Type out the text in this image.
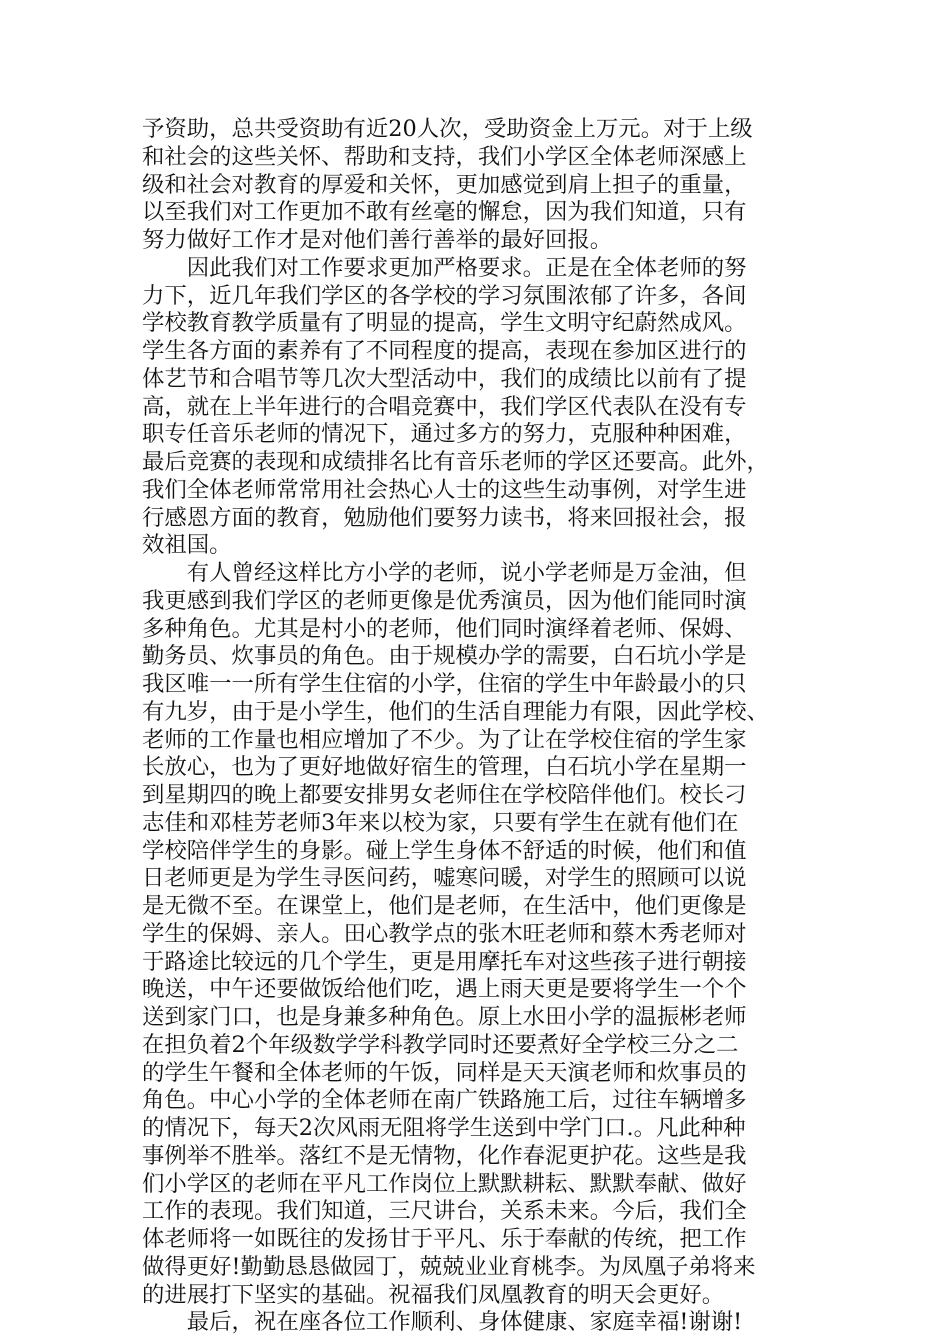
予资助，总共受资助有近20人次，受助资金上万元。对于上级
和社会的这些关怀、帮助和支持，我们小学区全体老师深感上
级和社会对教育的厚爱和关怀，更加感觉到肩上担子的重量，
以至我们对工作更加不敢有丝毫的懈怠，因为我们知道，只有
努力做好工作才是对他们善行善举的最好回报。
　　因此我们对工作要求更加严格要求。正是在全体老师的努
力下，近几年我们学区的各学校的学习氛围浓郁了许多，各间
学校教育教学质量有了明显的提高，学生文明守纪蔚然成风。
学生各方面的素养有了不同程度的提高，表现在参加区进行的
体艺节和合唱节等几次大型活动中，我们的成绩比以前有了提
高，就在上半年进行的合唱竞赛中，我们学区代表队在没有专
职专任音乐老师的情况下，通过多方的努力，克服种种困难，
最后竞赛的表现和成绩排名比有音乐老师的学区还要高。此外，
我们全体老师常常用社会热心人士的这些生动事例，对学生进
行感恩方面的教育，勉励他们要努力读书，将来回报社会，报
效祖国。
　　有人曾经这样比方小学的老师，说小学老师是万金油，但
我更感到我们学区的老师更像是优秀演员，因为他们能同时演
多种角色。尤其是村小的老师，他们同时演绎着老师、保姆、
勤务员、炊事员的角色。由于规模办学的需要，白石坑小学是
我区唯一一所有学生住宿的小学，住宿的学生中年龄最小的只
有九岁，由于是小学生，他们的生活自理能力有限，因此学校、
老师的工作量也相应增加了不少。为了让在学校住宿的学生家
长放心，也为了更好地做好宿生的管理，白石坑小学在星期一
到星期四的晚上都要安排男女老师住在学校陪伴他们。校长刁
志佳和邓桂芳老师3年来以校为家，只要有学生在就有他们在
学校陪伴学生的身影。碰上学生身体不舒适的时候，他们和值
日老师更是为学生寻医问药，嘘寒问暖，对学生的照顾可以说
是无微不至。在课堂上，他们是老师，在生活中，他们更像是
学生的保姆、亲人。田心教学点的张木旺老师和蔡木秀老师对
于路途比较远的几个学生，更是用摩托车对这些孩子进行朝接
晚送，中午还要做饭给他们吃，遇上雨天更是要将学生一个个
送到家门口，也是身兼多种角色。原上水田小学的温振彬老师
在担负着2个年级数学学科教学同时还要煮好全学校三分之二
的学生午餐和全体老师的午饭，同样是天天演老师和炊事员的
角色。中心小学的全体老师在南广铁路施工后，过往车辆增多
的情况下，每天2次风雨无阻将学生送到中学门口.。凡此种种
事例举不胜举。落红不是无情物，化作春泥更护花。这些是我
们小学区的老师在平凡工作岗位上默默耕耘、默默奉献、做好
工作的表现。我们知道，三尺讲台，关系未来。今后，我们全
体老师将一如既往的发扬甘于平凡、乐于奉献的传统，把工作
做得更好!勤勤恳恳做园丁，兢兢业业育桃李。为凤凰子弟将来
的进展打下坚实的基础。祝福我们凤凰教育的明天会更好。
　　最后，祝在座各位工作顺利、身体健康、家庭幸福!谢谢!
